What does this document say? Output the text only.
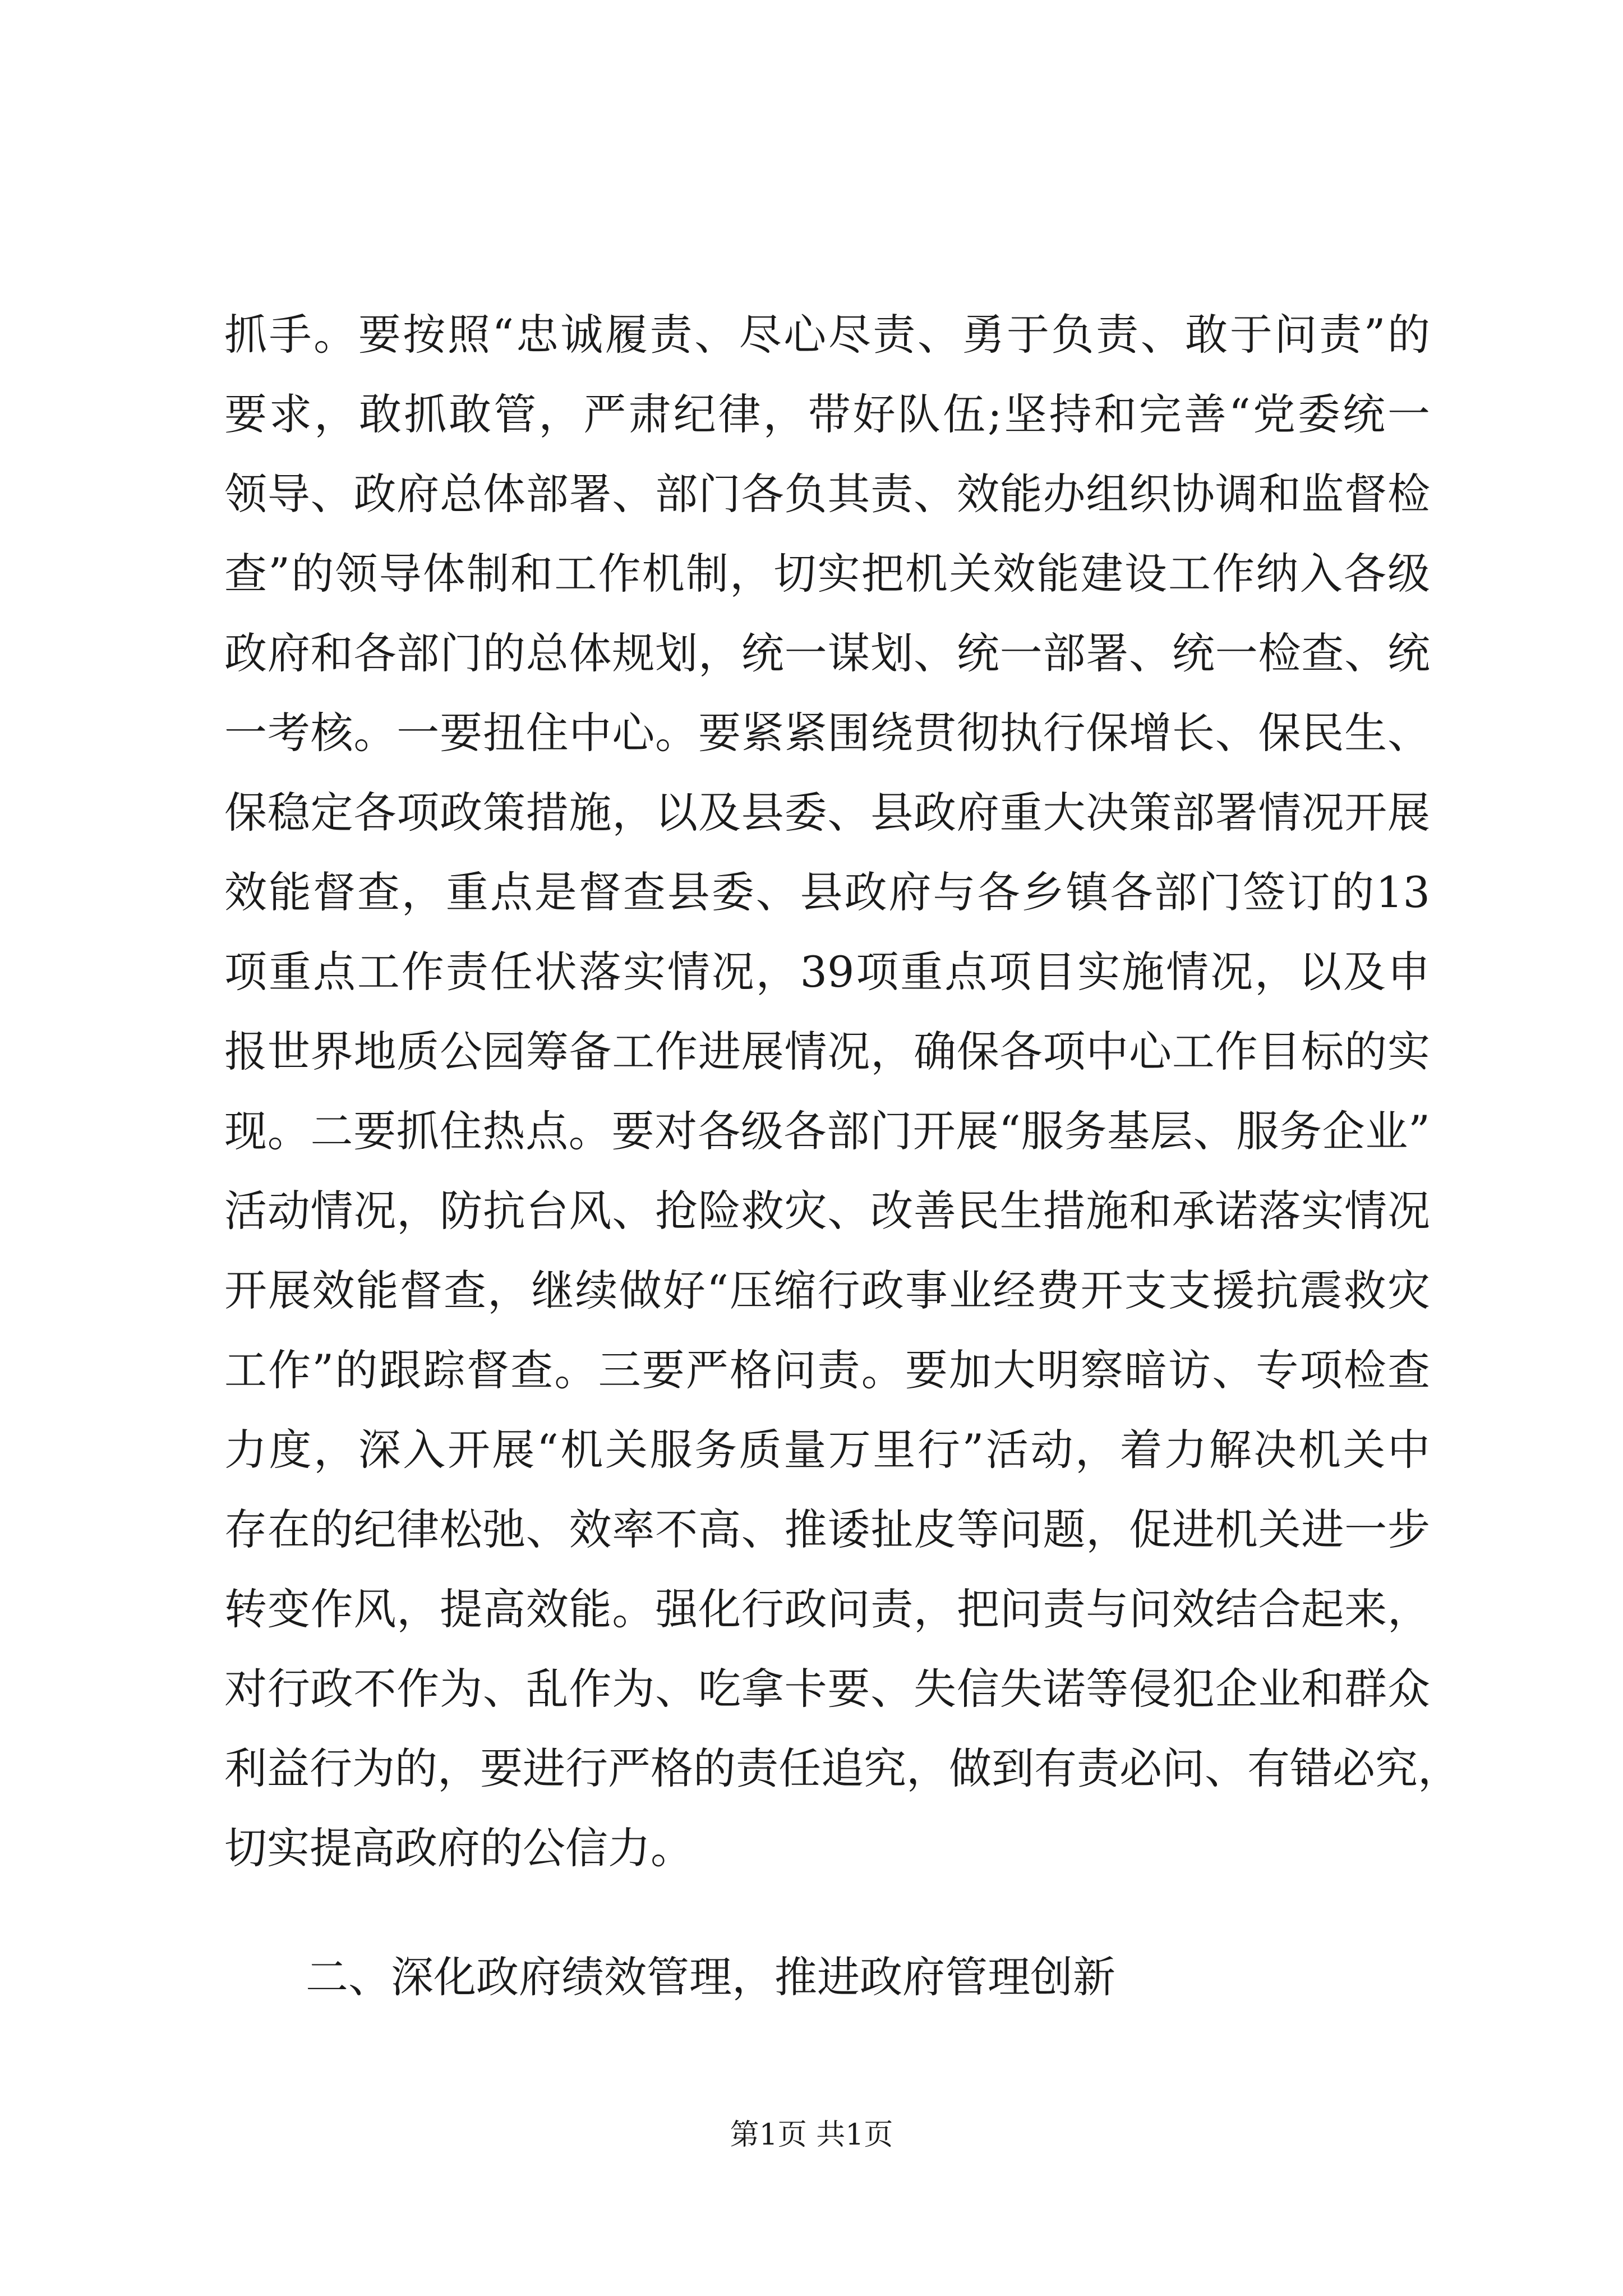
抓手。要按照“忠诚履责、尽心尽责、勇于负责、敢于问责”的
要求，敢抓敢管，严肃纪律，带好队伍;坚持和完善“党委统一
领导、政府总体部署、部门各负其责、效能办组织协调和监督检
查”的领导体制和工作机制，切实把机关效能建设工作纳入各级
政府和各部门的总体规划，统一谋划、统一部署、统一检查、统
一考核。一要扭住中心。要紧紧围绕贯彻执行保增长、保民生、
保稳定各项政策措施，以及县委、县政府重大决策部署情况开展
效能督查，重点是督查县委、县政府与各乡镇各部门签订的13
项重点工作责任状落实情况，39项重点项目实施情况，以及申
报世界地质公园筹备工作进展情况，确保各项中心工作目标的实
现。二要抓住热点。要对各级各部门开展“服务基层、服务企业”
活动情况，防抗台风、抢险救灾、改善民生措施和承诺落实情况
开展效能督查，继续做好“压缩行政事业经费开支支援抗震救灾
工作”的跟踪督查。三要严格问责。要加大明察暗访、专项检查
力度，深入开展“机关服务质量万里行”活动，着力解决机关中
存在的纪律松弛、效率不高、推诿扯皮等问题，促进机关进一步
转变作风，提高效能。强化行政问责，把问责与问效结合起来，
对行政不作为、乱作为、吃拿卡要、失信失诺等侵犯企业和群众
利益行为的，要进行严格的责任追究，做到有责必问、有错必究，
切实提高政府的公信力。
二、深化政府绩效管理，推进政府管理创新
第1页 共1页
